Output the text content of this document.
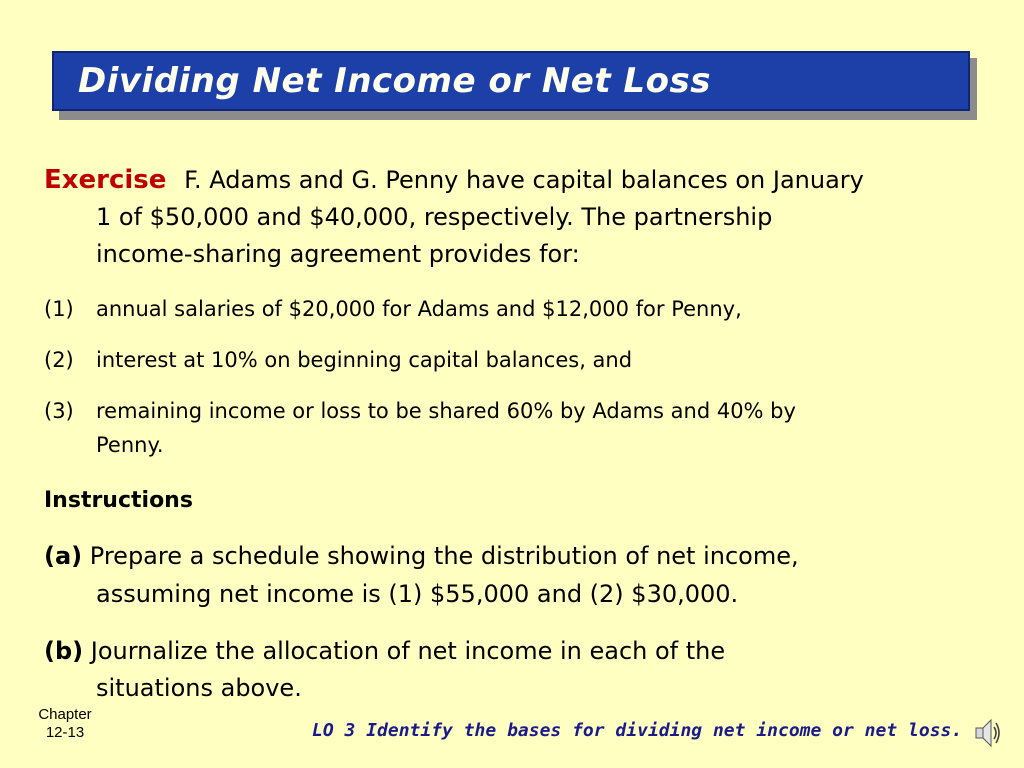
Dividing Net Income or Net Loss
Exercise F. Adams and G. Penny have capital balances on January
1 of $50,000 and $40,000, respectively. The partnership
income-sharing agreement provides for:
(1) annual salaries of $20,000 for Adams and $12,000 for Penny,
(2) interest at 10% on beginning capital balances, and
(3) remaining income or loss to be shared 60% by Adams and 40% by
Penny.
Instructions
(a) Prepare a schedule showing the distribution of net income,
assuming net income is (1) $55,000 and (2) $30,000.
(b) Journalize the allocation of net income in each of the
situations above.
Chapter
12-13	LO 3 Identify the bases for dividing net income or net loss.
